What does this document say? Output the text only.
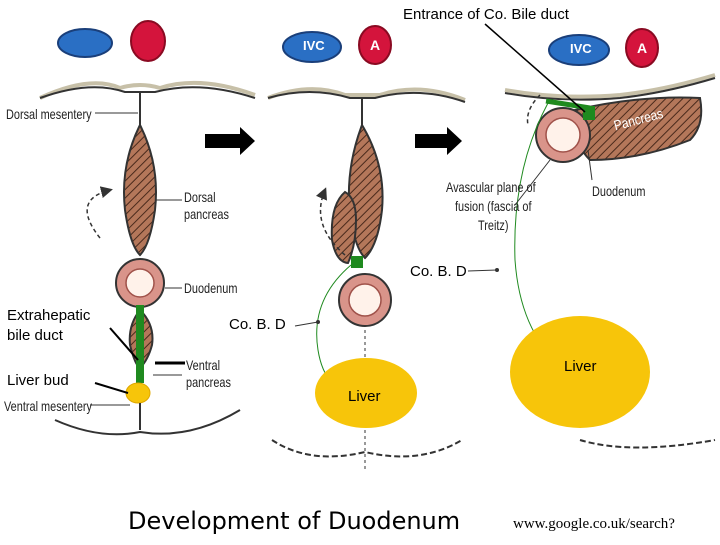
Entrance of Co. Bile duct
IVC	A	IVC	A
Dorsal mesentery
Dorsal
pancreas
Duodenum
Extrahepatic
bile duct
Liver bud
Ventral
pancreas
Ventral mesentery
Co. B. D
Liver
Co. B. D
Liver
Pancreas
Avascular plane of
fusion (fascia of
Treitz)
Duodenum
Development of Duodenum	www.google.co.uk/search?
